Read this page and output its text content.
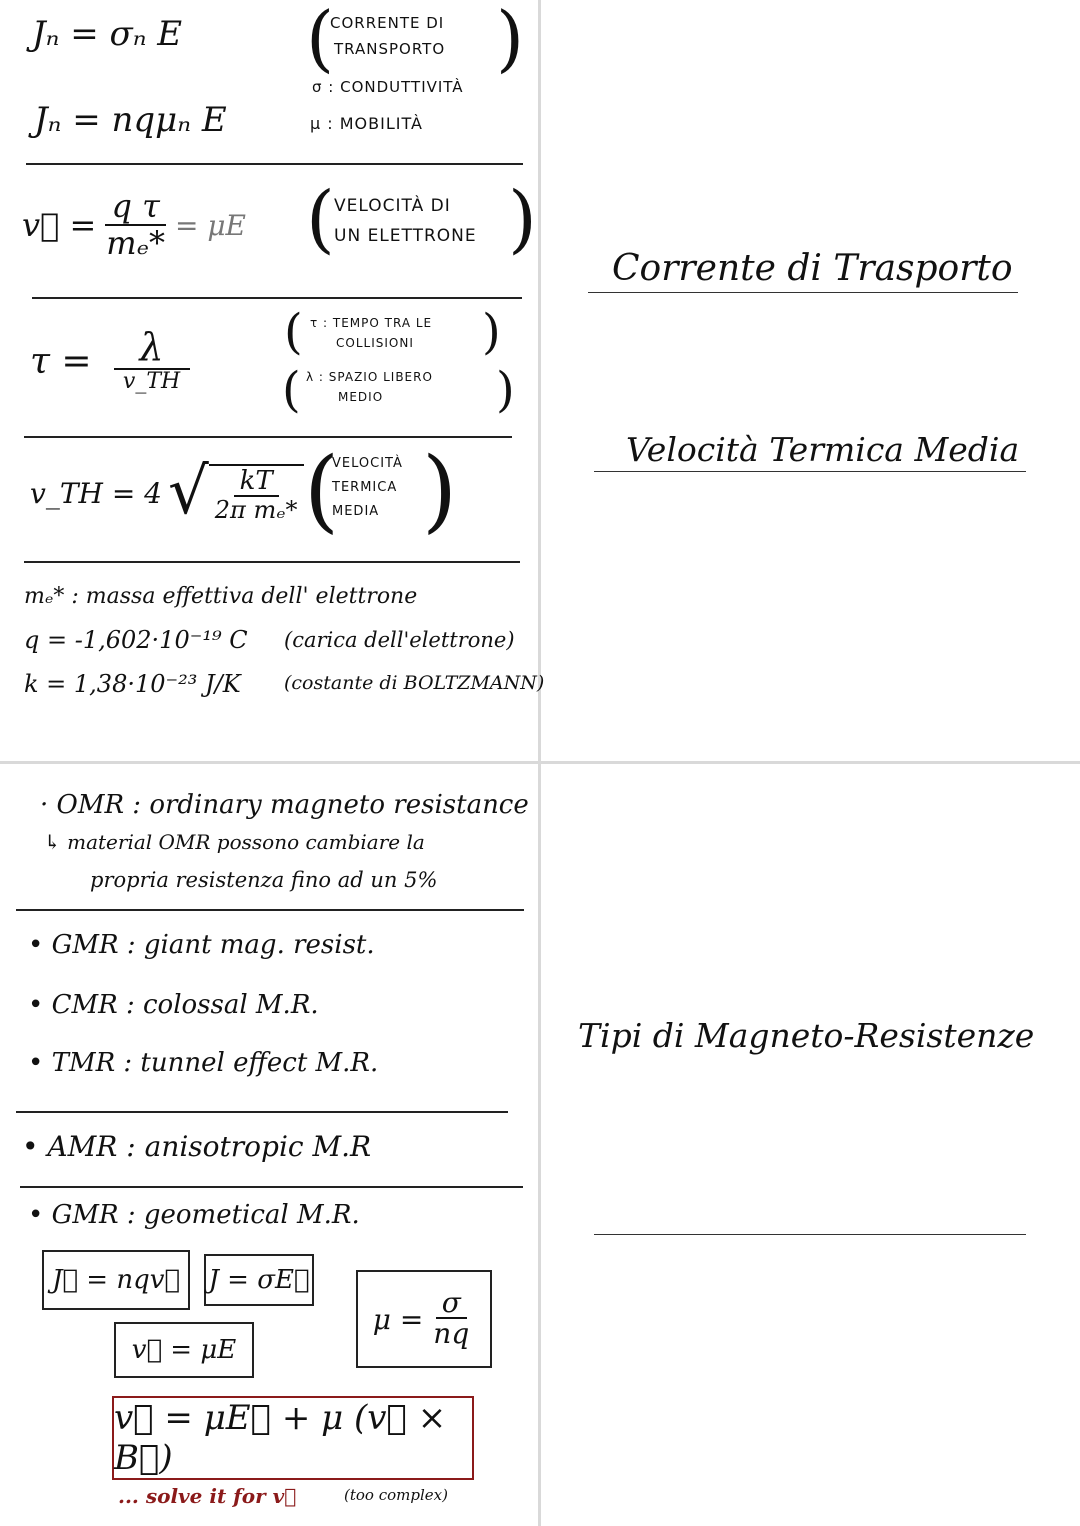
Jₙ = σₙ E (
CORRENTE DI
TRANSPORTO )
σ : CONDUTTIVITÀ
Jₙ = nqμₙ E	μ : MOBILITÀ
v⃗ = $\frac{\text{q τ}}{\text{mₑ*}} = \mu E$ ( VELOCITÀ DI
UN ELETTRONE )
$\tau = \frac{\lambda}{v\_TH}$ ( τ : TEMPO TRA LE
COLLISIONI )
( λ : SPAZIO LIBERO
MEDIO )
v_TH = 4 √ $\frac{kT}{\text{2π mₑ*}}$ (
VELOCITÀ
TERMICA
MEDIA )
mₑ* : massa effettiva dell' elettrone
q = -1,602·10⁻¹⁹ C (carica dell'elettrone)
k = 1,38·10⁻²³ J/K (costante di BOLTZMANN)
Corrente di Trasporto
Velocità Termica Media
· OMR : ordinary magneto resistance
↳ material OMR possono cambiare la
propria resistenza fino ad un 5%
• GMR : giant mag. resist.
• CMR : colossal M.R.
• TMR : tunnel effect M.R.
• AMR : anisotropic M.R
• GMR : geometical M.R.
J⃗ = nqv⃗	J = σE⃗
$\mu = \frac{\sigma}{nq}$
v⃗ = μE
v⃗ = μE⃗ + μ (v⃗ × B⃗)
... solve it for v⃗	(too complex)
Tipi di Magneto-Resistenze
